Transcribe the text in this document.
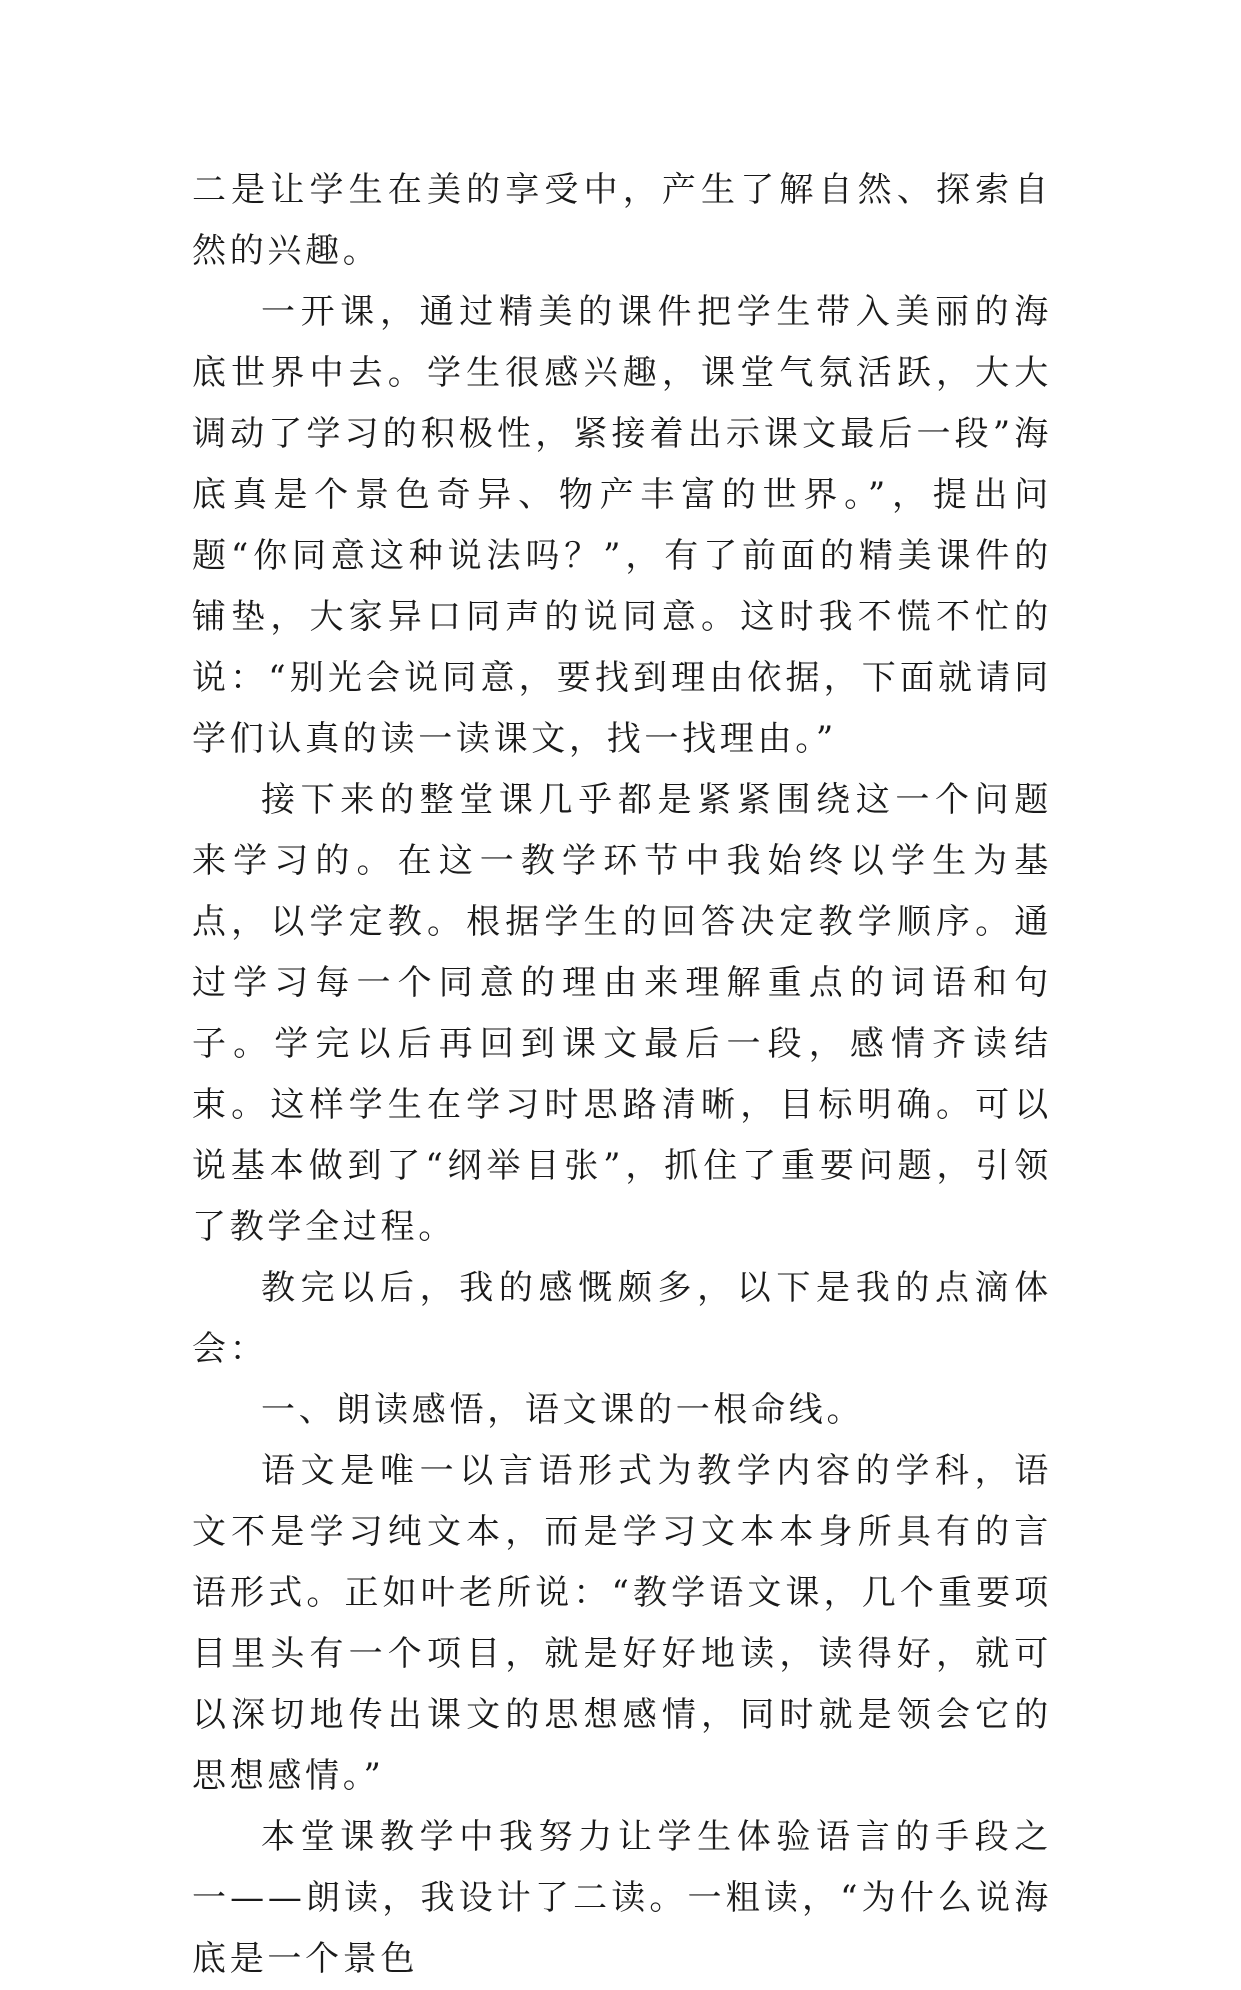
二是让学生在美的享受中，产生了解自然、探索自然的兴趣。

一开课，通过精美的课件把学生带入美丽的海底世界中去。学生很感兴趣，课堂气氛活跃，大大调动了学习的积极性，紧接着出示课文最后一段”海底真是个景色奇异、物产丰富的世界。”，提出问题“你同意这种说法吗？”，有了前面的精美课件的铺垫，大家异口同声的说同意。这时我不慌不忙的说：“别光会说同意，要找到理由依据，下面就请同学们认真的读一读课文，找一找理由。”

接下来的整堂课几乎都是紧紧围绕这一个问题来学习的。在这一教学环节中我始终以学生为基点，以学定教。根据学生的回答决定教学顺序。通过学习每一个同意的理由来理解重点的词语和句子。学完以后再回到课文最后一段，感情齐读结束。这样学生在学习时思路清晰，目标明确。可以说基本做到了“纲举目张”，抓住了重要问题，引领了教学全过程。

教完以后，我的感慨颇多，以下是我的点滴体会：

一、朗读感悟，语文课的一根命线。

语文是唯一以言语形式为教学内容的学科，语文不是学习纯文本，而是学习文本本身所具有的言语形式。正如叶老所说：“教学语文课，几个重要项目里头有一个项目，就是好好地读，读得好，就可以深切地传出课文的思想感情，同时就是领会它的思想感情。”

本堂课教学中我努力让学生体验语言的手段之一——朗读，我设计了二读。一粗读，“为什么说海底是一个景色
